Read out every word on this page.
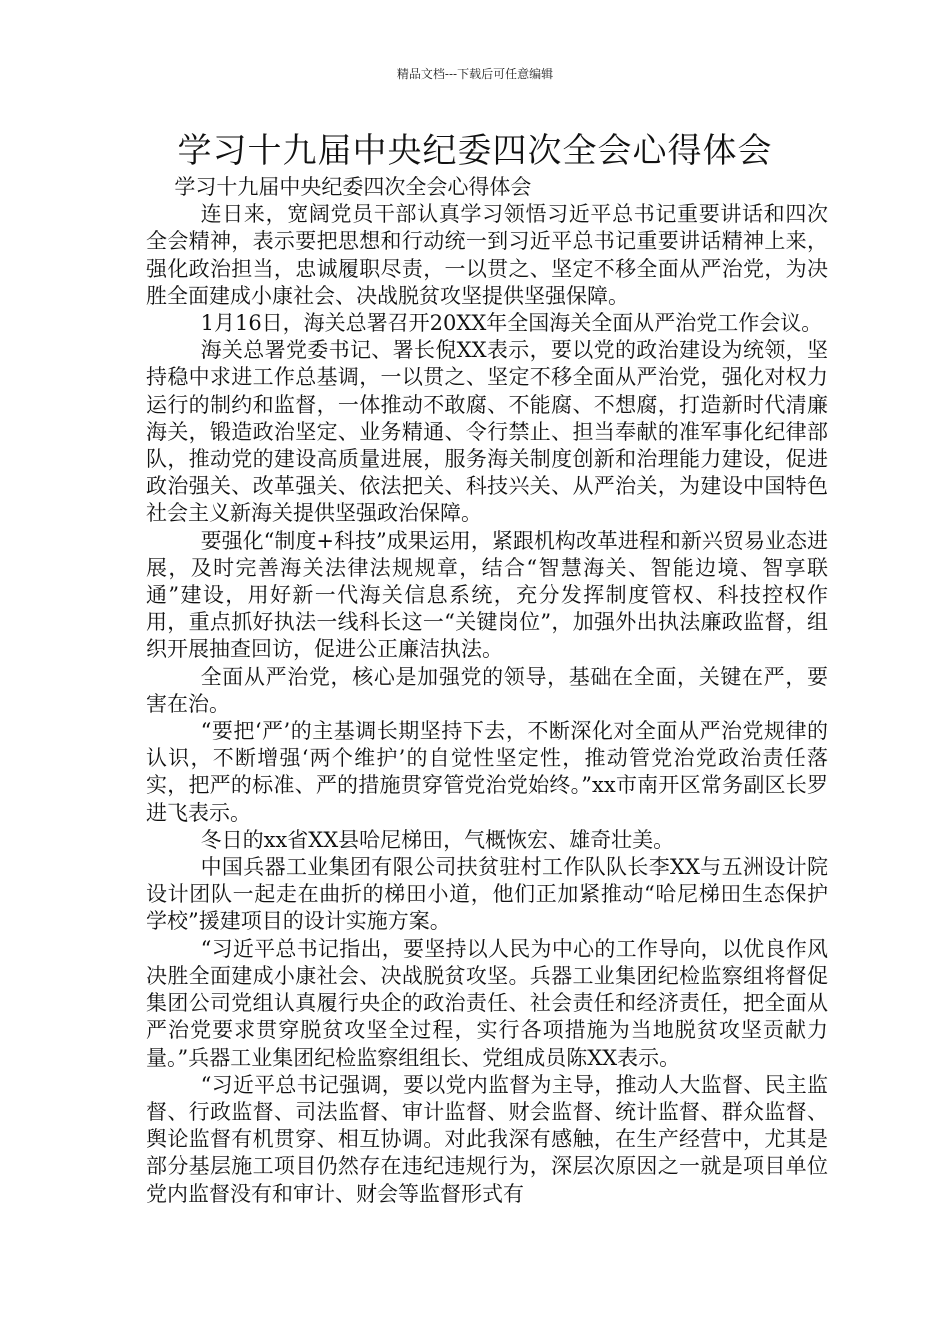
精品文档---下载后可任意编辑
学习十九届中央纪委四次全会心得体会

学习十九届中央纪委四次全会心得体会

连日来，宽阔党员干部认真学习领悟习近平总书记重要讲话和四次全会精神，表示要把思想和行动统一到习近平总书记重要讲话精神上来，强化政治担当，忠诚履职尽责，一以贯之、坚定不移全面从严治党，为决胜全面建成小康社会、决战脱贫攻坚提供坚强保障。

1月16日，海关总署召开20XX年全国海关全面从严治党工作会议。

海关总署党委书记、署长倪XX表示，要以党的政治建设为统领，坚持稳中求进工作总基调，一以贯之、坚定不移全面从严治党，强化对权力运行的制约和监督，一体推动不敢腐、不能腐、不想腐，打造新时代清廉海关，锻造政治坚定、业务精通、令行禁止、担当奉献的准军事化纪律部队，推动党的建设高质量进展，服务海关制度创新和治理能力建设，促进政治强关、改革强关、依法把关、科技兴关、从严治关，为建设中国特色社会主义新海关提供坚强政治保障。

要强化“制度+科技”成果运用，紧跟机构改革进程和新兴贸易业态进展，及时完善海关法律法规规章，结合“智慧海关、智能边境、智享联通”建设，用好新一代海关信息系统，充分发挥制度管权、科技控权作用，重点抓好执法一线科长这一“关键岗位”，加强外出执法廉政监督，组织开展抽查回访，促进公正廉洁执法。

全面从严治党，核心是加强党的领导，基础在全面，关键在严，要害在治。

“要把‘严’的主基调长期坚持下去，不断深化对全面从严治党规律的认识，不断增强‘两个维护’的自觉性坚定性，推动管党治党政治责任落实，把严的标准、严的措施贯穿管党治党始终。”xx市南开区常务副区长罗进飞表示。

冬日的xx省XX县哈尼梯田，气概恢宏、雄奇壮美。

中国兵器工业集团有限公司扶贫驻村工作队队长李XX与五洲设计院设计团队一起走在曲折的梯田小道，他们正加紧推动“哈尼梯田生态保护学校”援建项目的设计实施方案。

“习近平总书记指出，要坚持以人民为中心的工作导向，以优良作风决胜全面建成小康社会、决战脱贫攻坚。兵器工业集团纪检监察组将督促集团公司党组认真履行央企的政治责任、社会责任和经济责任，把全面从严治党要求贯穿脱贫攻坚全过程，实行各项措施为当地脱贫攻坚贡献力量。”兵器工业集团纪检监察组组长、党组成员陈XX表示。

“习近平总书记强调，要以党内监督为主导，推动人大监督、民主监督、行政监督、司法监督、审计监督、财会监督、统计监督、群众监督、舆论监督有机贯穿、相互协调。对此我深有感触，在生产经营中，尤其是部分基层施工项目仍然存在违纪违规行为，深层次原因之一就是项目单位党内监督没有和审计、财会等监督形式有
